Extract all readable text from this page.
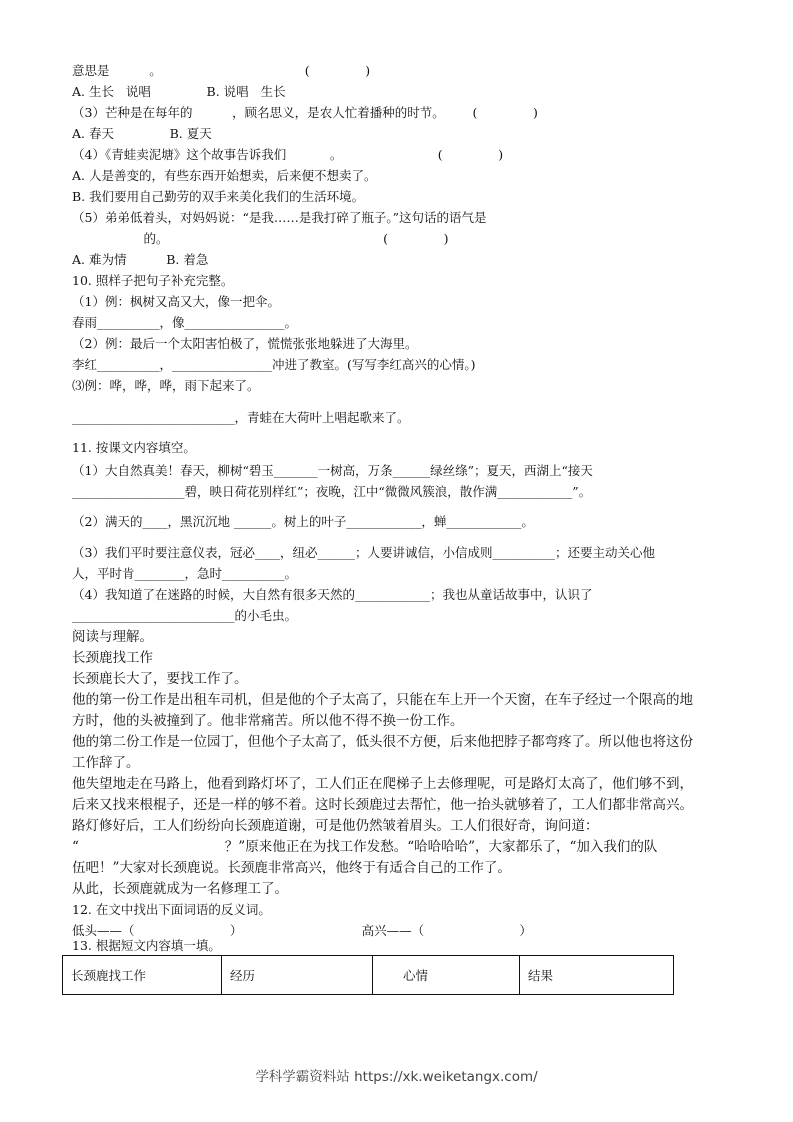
意思是          。                                    (              )
A. 生长   说唱              B. 说唱   生长
（3）芒种是在每年的          ，顾名思义，是农人忙着播种的时节。       (              )
A. 春天              B. 夏天
（4）《青蛙卖泥塘》这个故事告诉我们           。                        (              )
A. 人是善变的，有些东西开始想卖，后来便不想卖了。
B. 我们要用自己勤劳的双手来美化我们的生活环境。
（5）弟弟低着头，对妈妈说：“是我……是我打碎了瓶子。”这句话的语气是
的。                                                      (              )
A. 难为情          B. 着急
10. 照样子把句子补充完整。
（1）例：枫树又高又大，像一把伞。
春雨__________，像________________。
（2）例：最后一个太阳害怕极了，慌慌张张地躲进了大海里。
李红__________，________________冲进了教室。(写写李红高兴的心情。)
⑶例：哗，哗，哗，雨下起来了。
__________________________，青蛙在大荷叶上唱起歌来了。
11. 按课文内容填空。
（1）大自然真美！春天，柳树“碧玉_______一树高，万条______绿丝绦”；夏天，西湖上“接天
__________________碧，映日荷花别样红”；夜晚，江中“微微风簇浪，散作满____________”。
（2）满天的____，黑沉沉地 ______。树上的叶子____________，蝉____________。
（3）我们平时要注意仪表，冠必____，纽必______；人要讲诚信，小信成则__________；还要主动关心他
人，平时肯________，急时__________。
（4）我知道了在迷路的时候，大自然有很多天然的____________；我也从童话故事中，认识了
__________________________的小毛虫。
阅读与理解。
长颈鹿找工作
长颈鹿长大了，要找工作了。
他的第一份工作是出租车司机，但是他的个子太高了，只能在车上开一个天窗，在车子经过一个限高的地
方时，他的头被撞到了。他非常痛苦。所以他不得不换一份工作。
他的第二份工作是一位园丁，但他个子太高了，低头很不方便，后来他把脖子都弯疼了。所以他也将这份
工作辞了。
他失望地走在马路上，他看到路灯坏了，工人们正在爬梯子上去修理呢，可是路灯太高了，他们够不到，
后来又找来根棍子，还是一样的够不着。这时长颈鹿过去帮忙，他一抬头就够着了，工人们都非常高兴。
路灯修好后，工人们纷纷向长颈鹿道谢，可是他仍然皱着眉头。工人们很好奇，询问道：
“                                  ？”原来他正在为找工作发愁。“哈哈哈哈”，大家都乐了，“加入我们的队
伍吧！”大家对长颈鹿说。长颈鹿非常高兴，他终于有适合自己的工作了。
从此，长颈鹿就成为一名修理工了。
12. 在文中找出下面词语的反义词。
低头——（                        ）                              高兴——（                        ）
13. 根据短文内容填一填。
长颈鹿找工作	经历	心情	结果
学科学霸资料站 https://xk.weiketangx.com/
